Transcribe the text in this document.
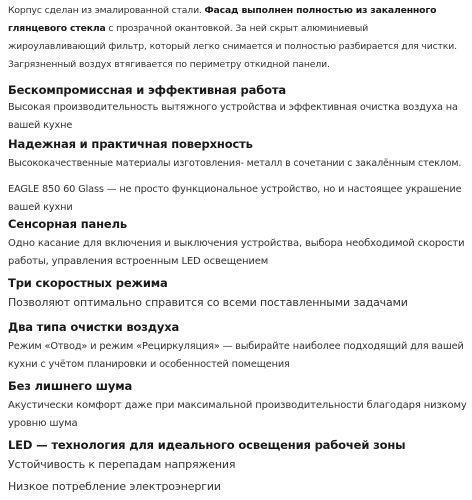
Корпус сделан из эмалированной стали. Фасад выполнен полностью из закаленного
глянцевого стекла с прозрачной окантовкой. За ней скрыт алюминиевый
жироулавливающий фильтр, который легко снимается и полностью разбирается для чистки.
Загрязненный воздух втягивается по периметру откидной панели.

Бескомпромиссная и эффективная работа

Высокая производительность вытяжного устройства и эффективная очистка воздуха на
вашей кухне

Надежная и практичная поверхность

Высококачественные материалы изготовления- металл в сочетании с закалённым стеклом.

EAGLE 850 60 Glass — не просто функциональное устройство, но и настоящее украшение
вашей кухни

Сенсорная панель

Одно касание для включения и выключения устройства, выбора необходимой скорости
работы, управления встроенным LED освещением

Три скоростных режима

Позволяют оптимально справится со всеми поставленными задачами

Два типа очистки воздуха

Режим «Отвод» и режим «Рециркуляция» — выбирайте наиболее подходящий для вашей
кухни с учётом планировки и особенностей помещения

Без лишнего шума

Акустически комфорт даже при максимальной производительности благодаря низкому
уровню шума

LED — технология для идеального освещения рабочей зоны

Устойчивость к перепадам напряжения

Низкое потребление электроэнергии
